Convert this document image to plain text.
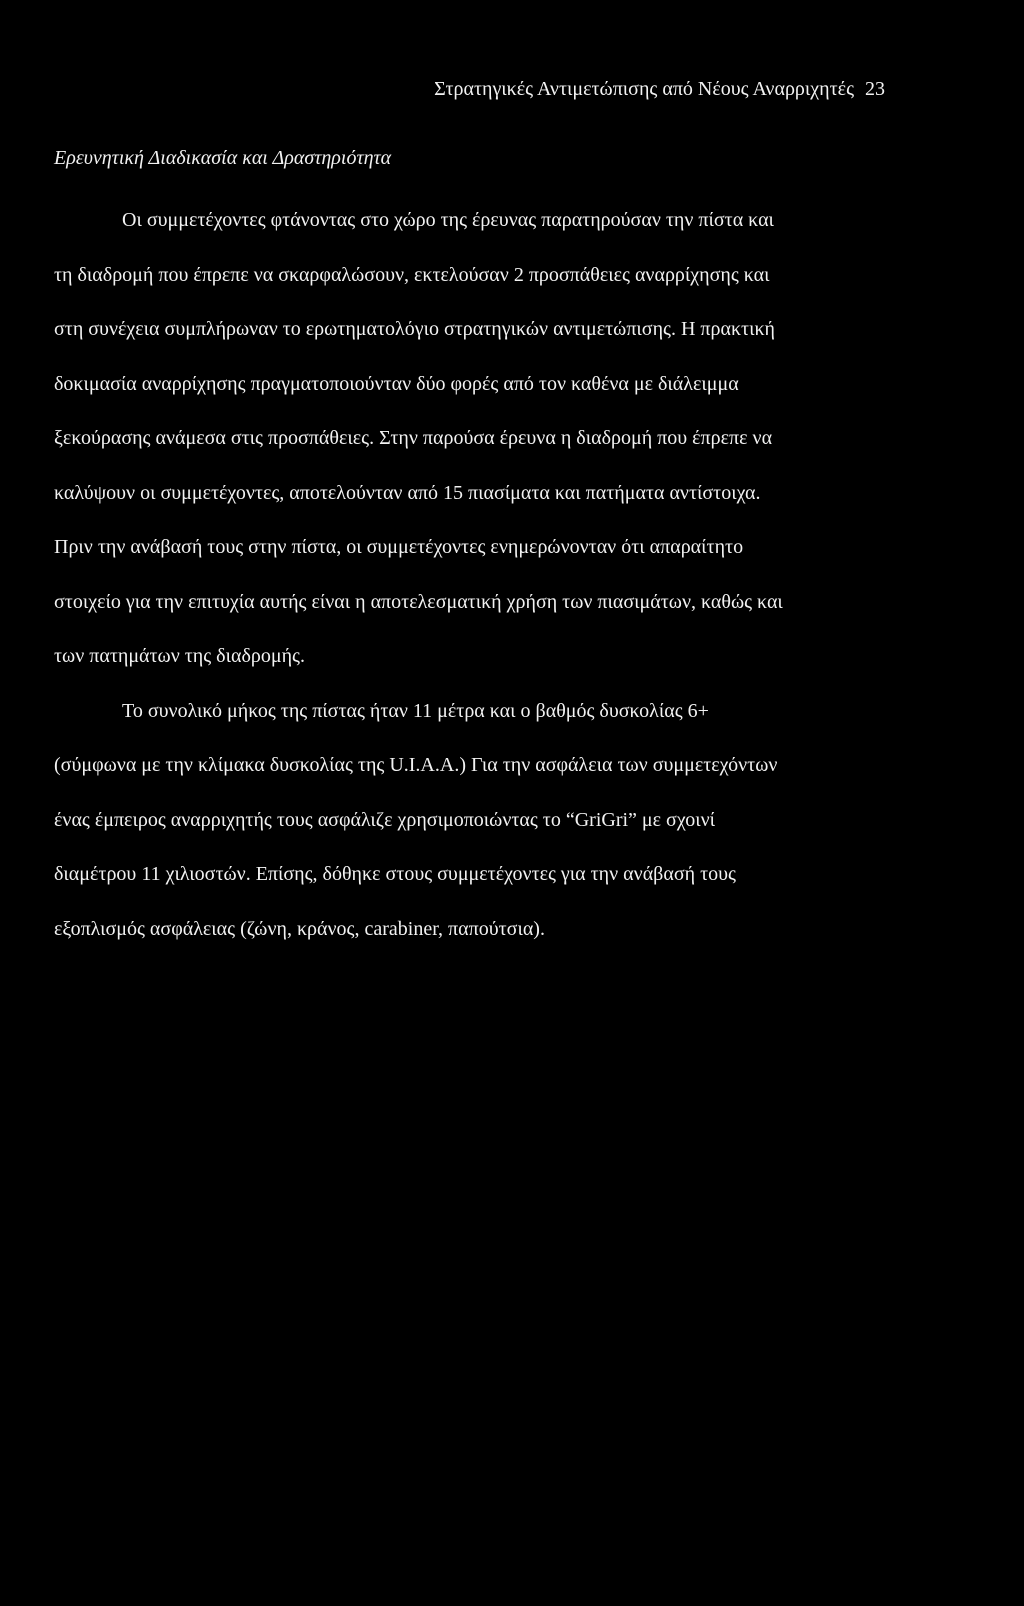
Στρατηγικές Αντιμετώπισης από Νέους Αναρριχητές 23
Ερευνητική Διαδικασία και Δραστηριότητα

Οι συμμετέχοντες φτάνοντας στο χώρο της έρευνας παρατηρούσαν την πίστα και
τη διαδρομή που έπρεπε να σκαρφαλώσουν, εκτελούσαν 2 προσπάθειες αναρρίχησης και
στη συνέχεια συμπλήρωναν το ερωτηματολόγιο στρατηγικών αντιμετώπισης. Η πρακτική
δοκιμασία αναρρίχησης πραγματοποιούνταν δύο φορές από τον καθένα με διάλειμμα
ξεκούρασης ανάμεσα στις προσπάθειες. Στην παρούσα έρευνα η διαδρομή που έπρεπε να
καλύψουν οι συμμετέχοντες, αποτελούνταν από 15 πιασίματα και πατήματα αντίστοιχα.
Πριν την ανάβασή τους στην πίστα, οι συμμετέχοντες ενημερώνονταν ότι απαραίτητο
στοιχείο για την επιτυχία αυτής είναι η αποτελεσματική χρήση των πιασιμάτων, καθώς και
των πατημάτων της διαδρομής.

Το συνολικό μήκος της πίστας ήταν 11 μέτρα και ο βαθμός δυσκολίας 6+
(σύμφωνα με την κλίμακα δυσκολίας της U.I.A.A.) Για την ασφάλεια των συμμετεχόντων
ένας έμπειρος αναρριχητής τους ασφάλιζε χρησιμοποιώντας το “GriGri” με σχοινί
διαμέτρου 11 χιλιοστών. Επίσης, δόθηκε στους συμμετέχοντες για την ανάβασή τους
εξοπλισμός ασφάλειας (ζώνη, κράνος, carabiner, παπούτσια).
